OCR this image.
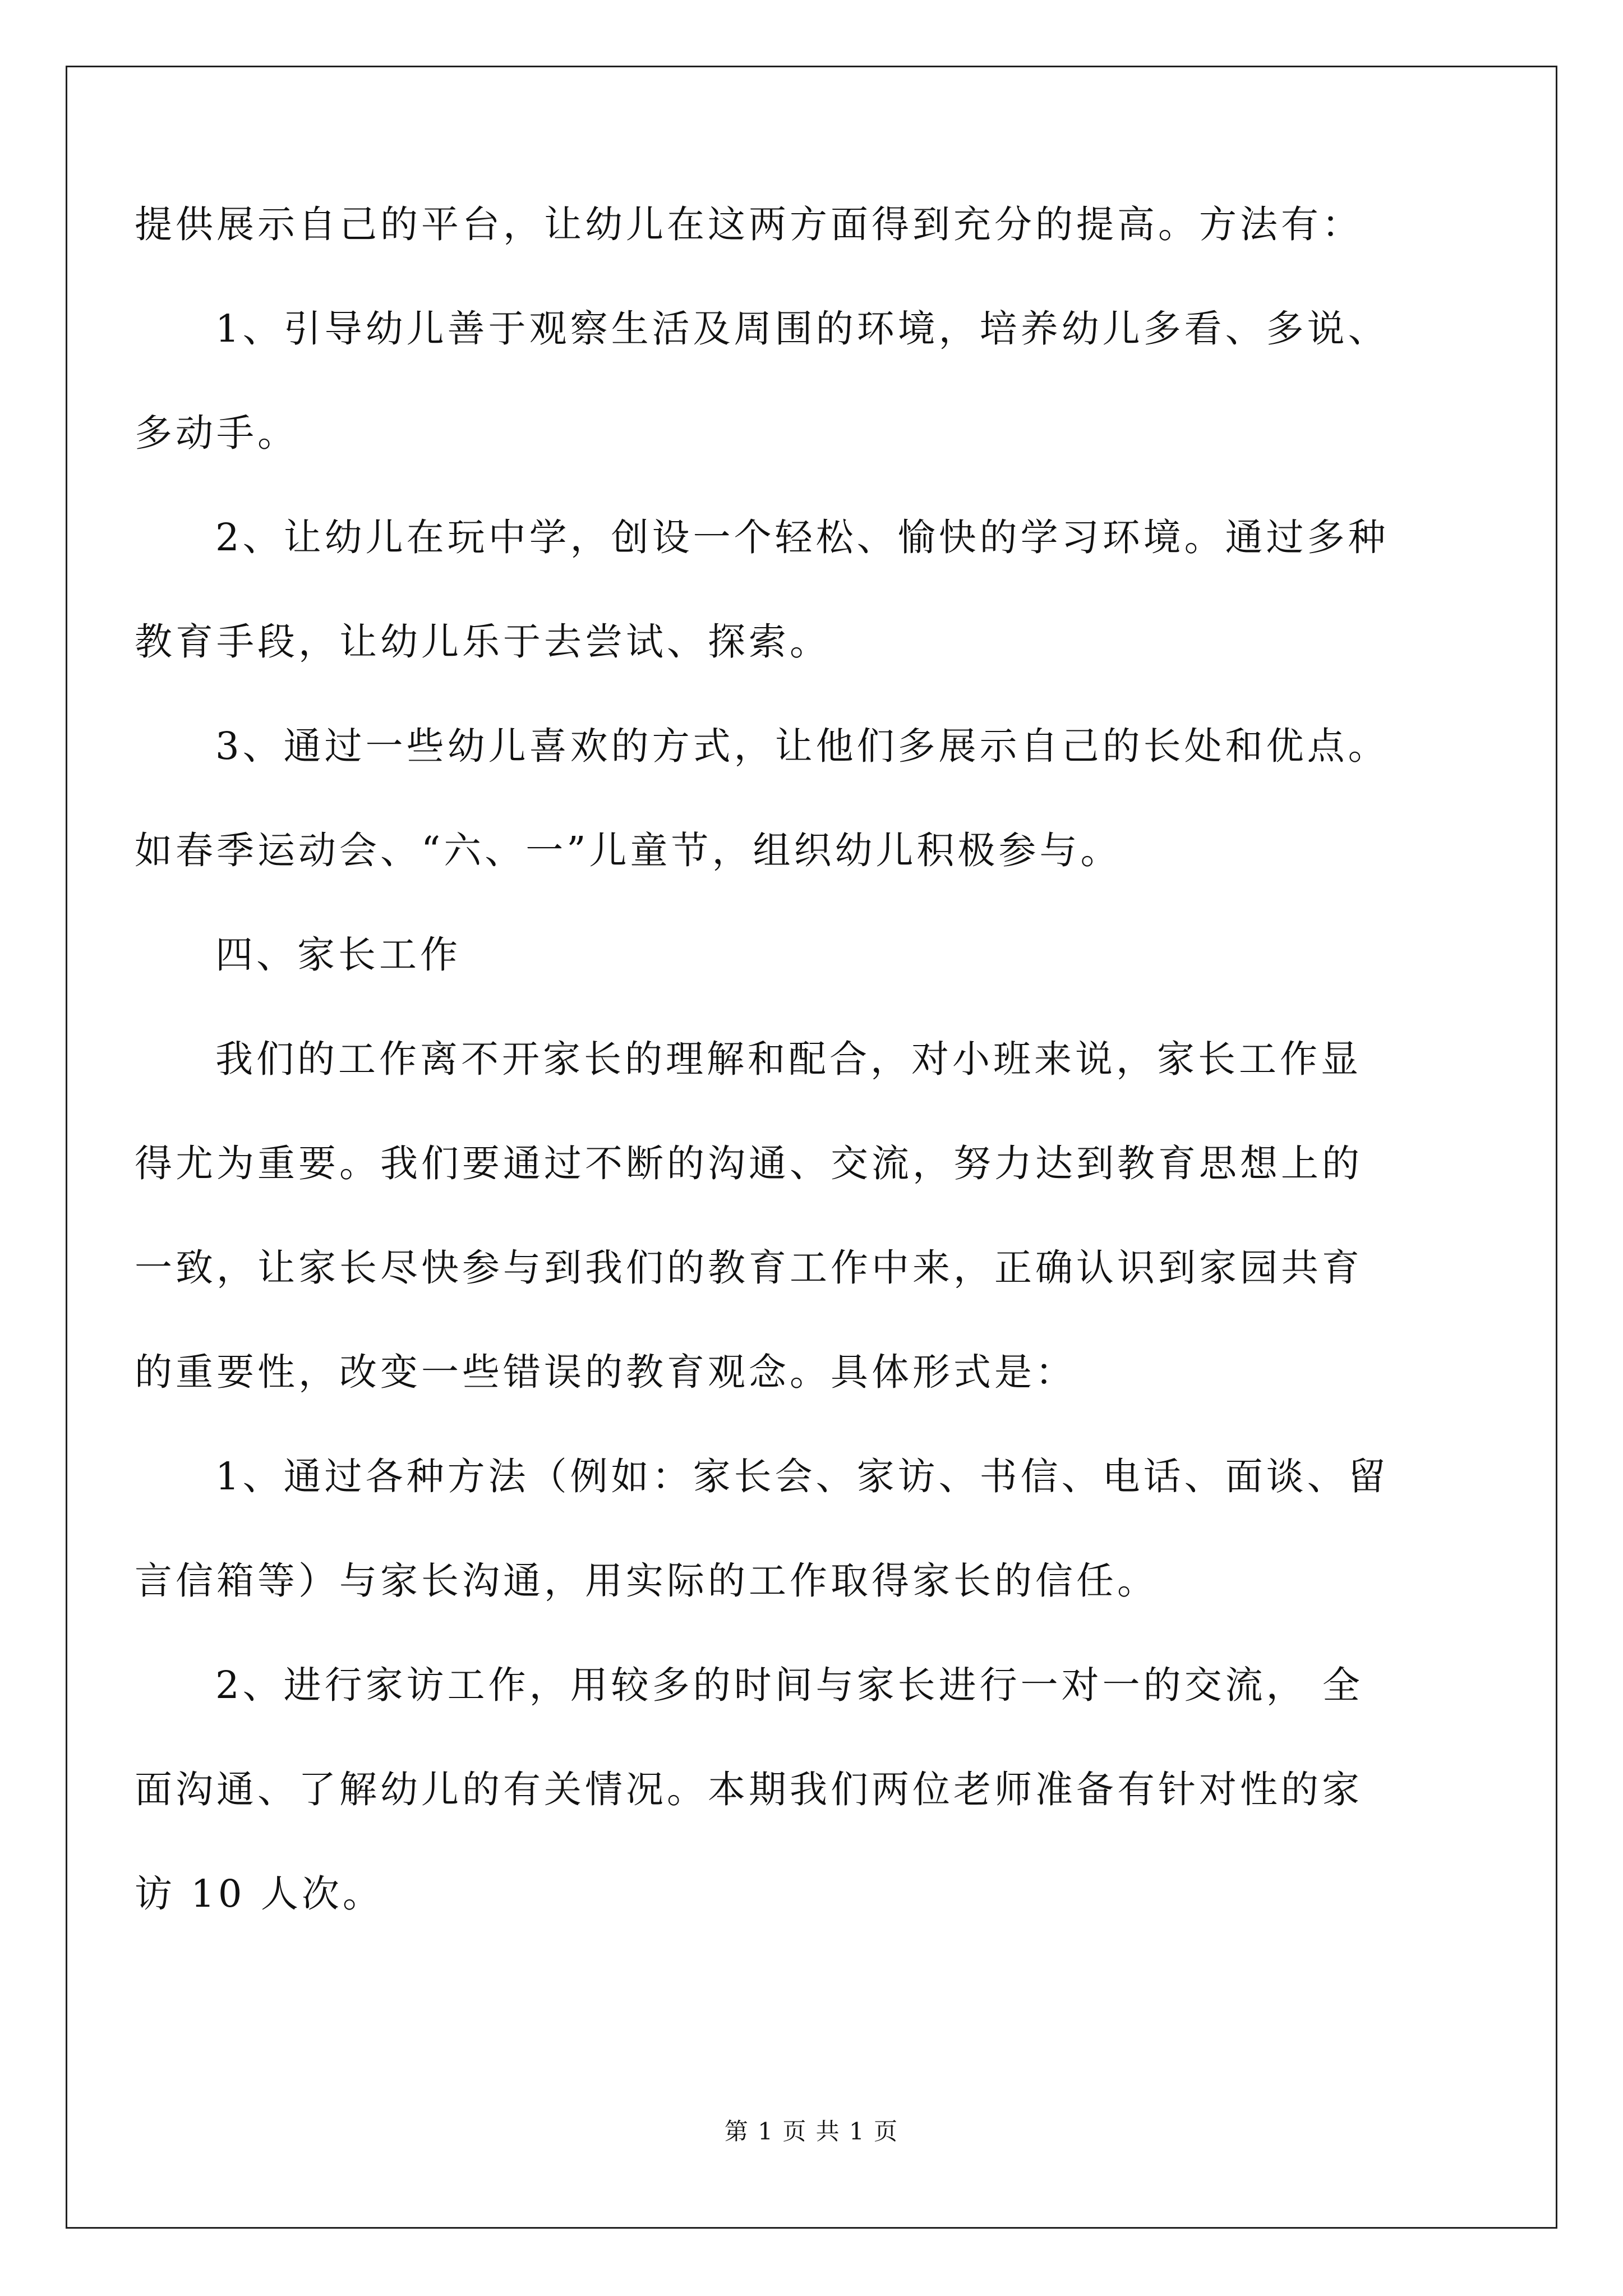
提供展示自己的平台，让幼儿在这两方面得到充分的提高。方法有：
1、引导幼儿善于观察生活及周围的环境，培养幼儿多看、多说、
多动手。
2、让幼儿在玩中学，创设一个轻松、愉快的学习环境。通过多种
教育手段，让幼儿乐于去尝试、探索。
3、通过一些幼儿喜欢的方式，让他们多展示自己的长处和优点。
如春季运动会、“六、一”儿童节，组织幼儿积极参与。
四、家长工作
我们的工作离不开家长的理解和配合，对小班来说，家长工作显
得尤为重要。我们要通过不断的沟通、交流，努力达到教育思想上的
一致，让家长尽快参与到我们的教育工作中来，正确认识到家园共育
的重要性，改变一些错误的教育观念。具体形式是：
1、通过各种方法（例如：家长会、家访、书信、电话、面谈、留
言信箱等）与家长沟通，用实际的工作取得家长的信任。
2、进行家访工作，用较多的时间与家长进行一对一的交流， 全
面沟通、了解幼儿的有关情况。本期我们两位老师准备有针对性的家
访 10 人次。
第 1 页 共 1 页
